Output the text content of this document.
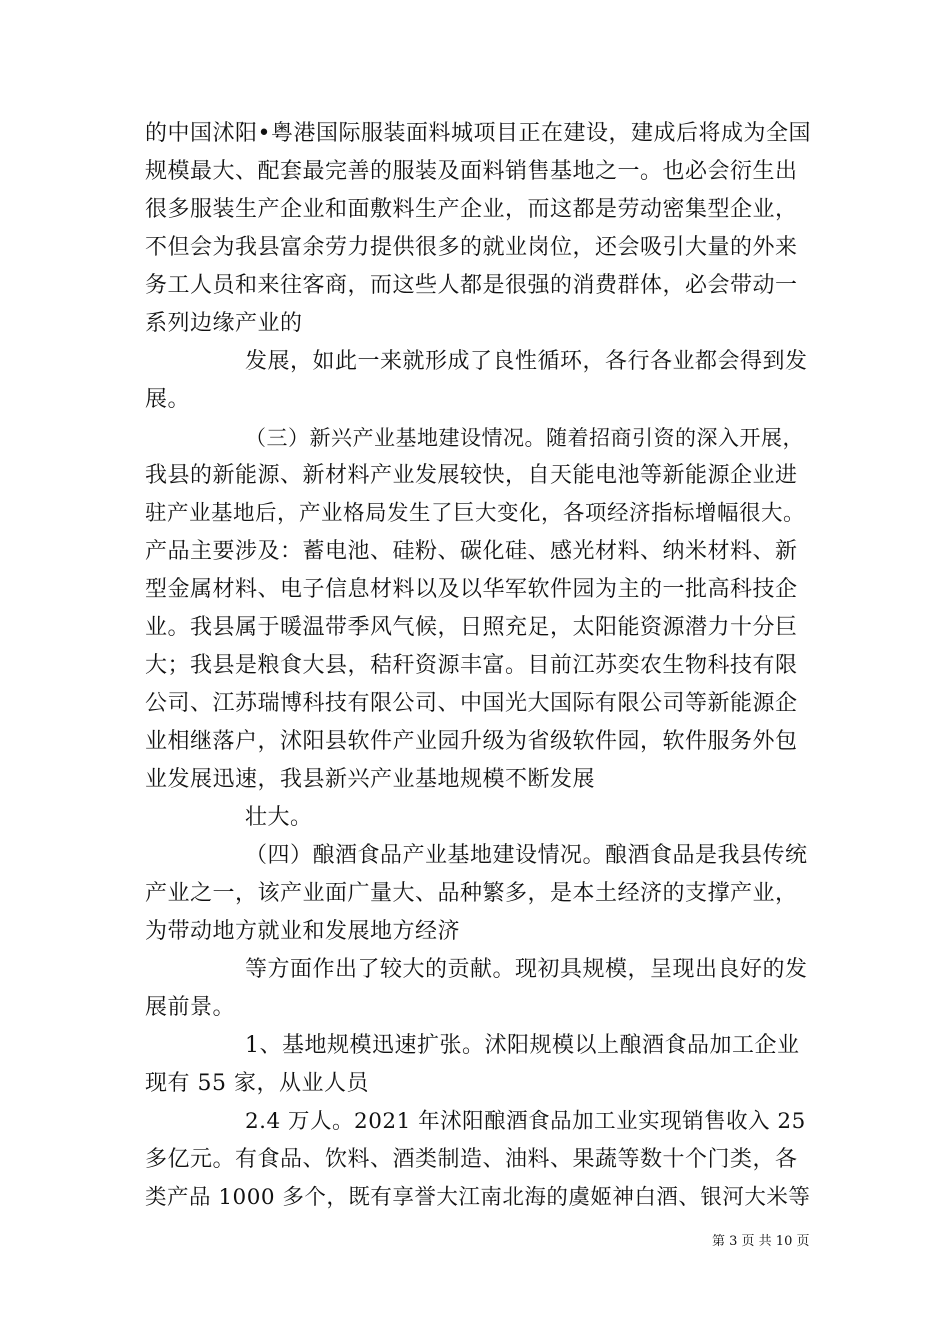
的中国沭阳•粤港国际服装面料城项目正在建设，建成后将成为全国
规模最大、配套最完善的服装及面料销售基地之一。也必会衍生出
很多服装生产企业和面敷料生产企业，而这都是劳动密集型企业，
不但会为我县富余劳力提供很多的就业岗位，还会吸引大量的外来
务工人员和来往客商，而这些人都是很强的消费群体，必会带动一
系列边缘产业的
发展，如此一来就形成了良性循环，各行各业都会得到发
展。
（三）新兴产业基地建设情况。随着招商引资的深入开展，
我县的新能源、新材料产业发展较快，自天能电池等新能源企业进
驻产业基地后，产业格局发生了巨大变化，各项经济指标增幅很大。
产品主要涉及：蓄电池、硅粉、碳化硅、感光材料、纳米材料、新
型金属材料、电子信息材料以及以华军软件园为主的一批高科技企
业。我县属于暖温带季风气候，日照充足，太阳能资源潜力十分巨
大；我县是粮食大县，秸秆资源丰富。目前江苏奕农生物科技有限
公司、江苏瑞博科技有限公司、中国光大国际有限公司等新能源企
业相继落户，沭阳县软件产业园升级为省级软件园，软件服务外包
业发展迅速，我县新兴产业基地规模不断发展
壮大。
（四）酿酒食品产业基地建设情况。酿酒食品是我县传统
产业之一，该产业面广量大、品种繁多，是本土经济的支撑产业，
为带动地方就业和发展地方经济
等方面作出了较大的贡献。现初具规模，呈现出良好的发
展前景。
1、基地规模迅速扩张。沭阳规模以上酿酒食品加工企业
现有 55 家，从业人员
2.4 万人。2021 年沭阳酿酒食品加工业实现销售收入 25
多亿元。有食品、饮料、酒类制造、油料、果蔬等数十个门类，各
类产品 1000 多个，既有享誉大江南北海的虞姬神白酒、银河大米等
第 3 页 共 10 页
